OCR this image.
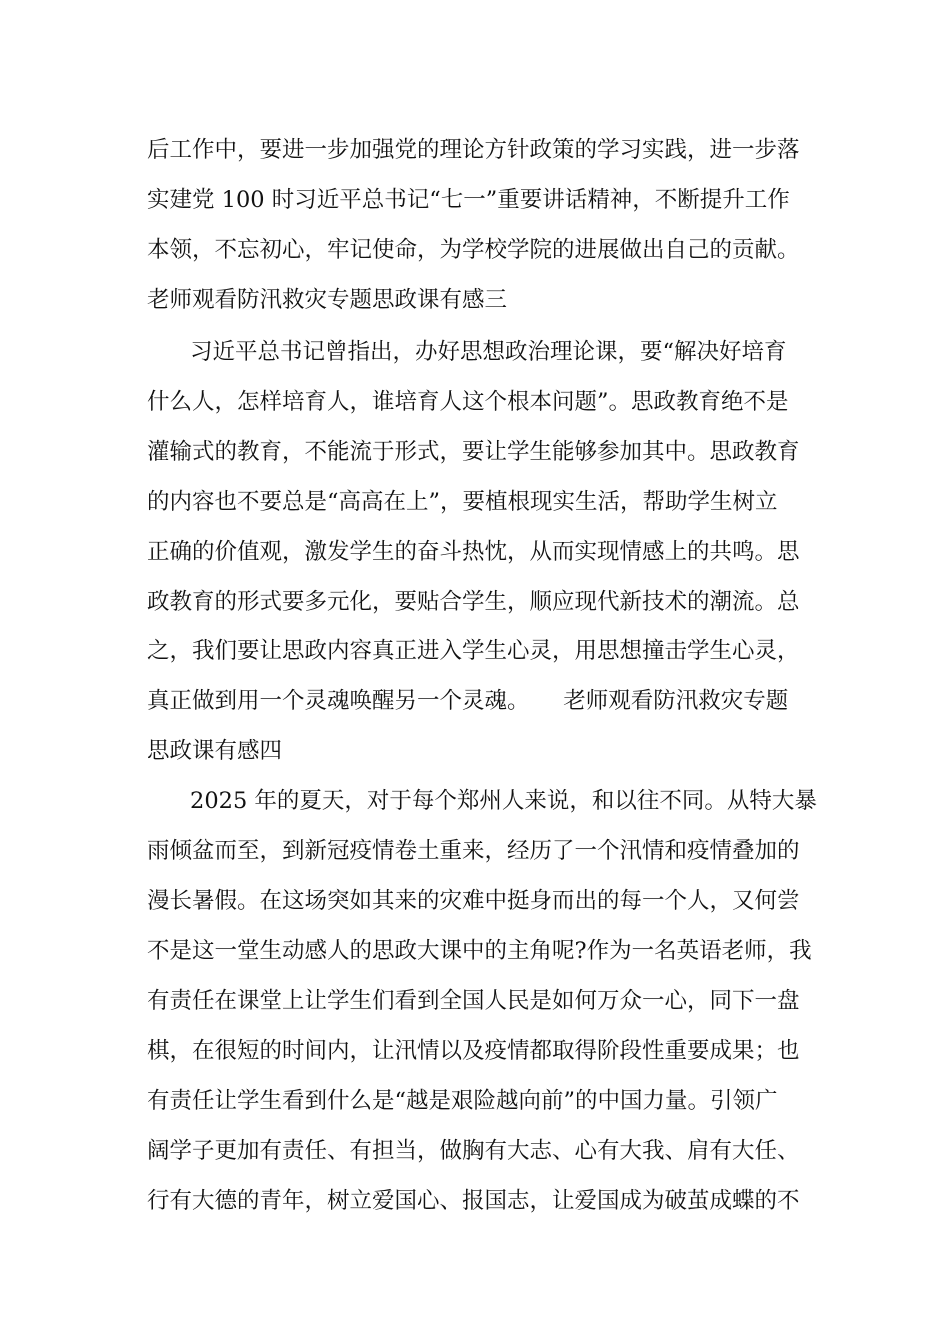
后工作中，要进一步加强党的理论方针政策的学习实践，进一步落
实建党 100 时习近平总书记“七一”重要讲话精神，不断提升工作
本领，不忘初心，牢记使命，为学校学院的进展做出自己的贡献。
老师观看防汛救灾专题思政课有感三
习近平总书记曾指出，办好思想政治理论课，要“解决好培育
什么人，怎样培育人，谁培育人这个根本问题”。思政教育绝不是
灌输式的教育，不能流于形式，要让学生能够参加其中。思政教育
的内容也不要总是“高高在上”，要植根现实生活，帮助学生树立
正确的价值观，激发学生的奋斗热忱，从而实现情感上的共鸣。思
政教育的形式要多元化，要贴合学生，顺应现代新技术的潮流。总
之，我们要让思政内容真正进入学生心灵，用思想撞击学生心灵，
真正做到用一个灵魂唤醒另一个灵魂。　　老师观看防汛救灾专题
思政课有感四
2025 年的夏天，对于每个郑州人来说，和以往不同。从特大暴
雨倾盆而至，到新冠疫情卷土重来，经历了一个汛情和疫情叠加的
漫长暑假。在这场突如其来的灾难中挺身而出的每一个人，又何尝
不是这一堂生动感人的思政大课中的主角呢?作为一名英语老师，我
有责任在课堂上让学生们看到全国人民是如何万众一心，同下一盘
棋，在很短的时间内，让汛情以及疫情都取得阶段性重要成果；也
有责任让学生看到什么是“越是艰险越向前”的中国力量。引领广
阔学子更加有责任、有担当，做胸有大志、心有大我、肩有大任、
行有大德的青年，树立爱国心、报国志，让爱国成为破茧成蝶的不
